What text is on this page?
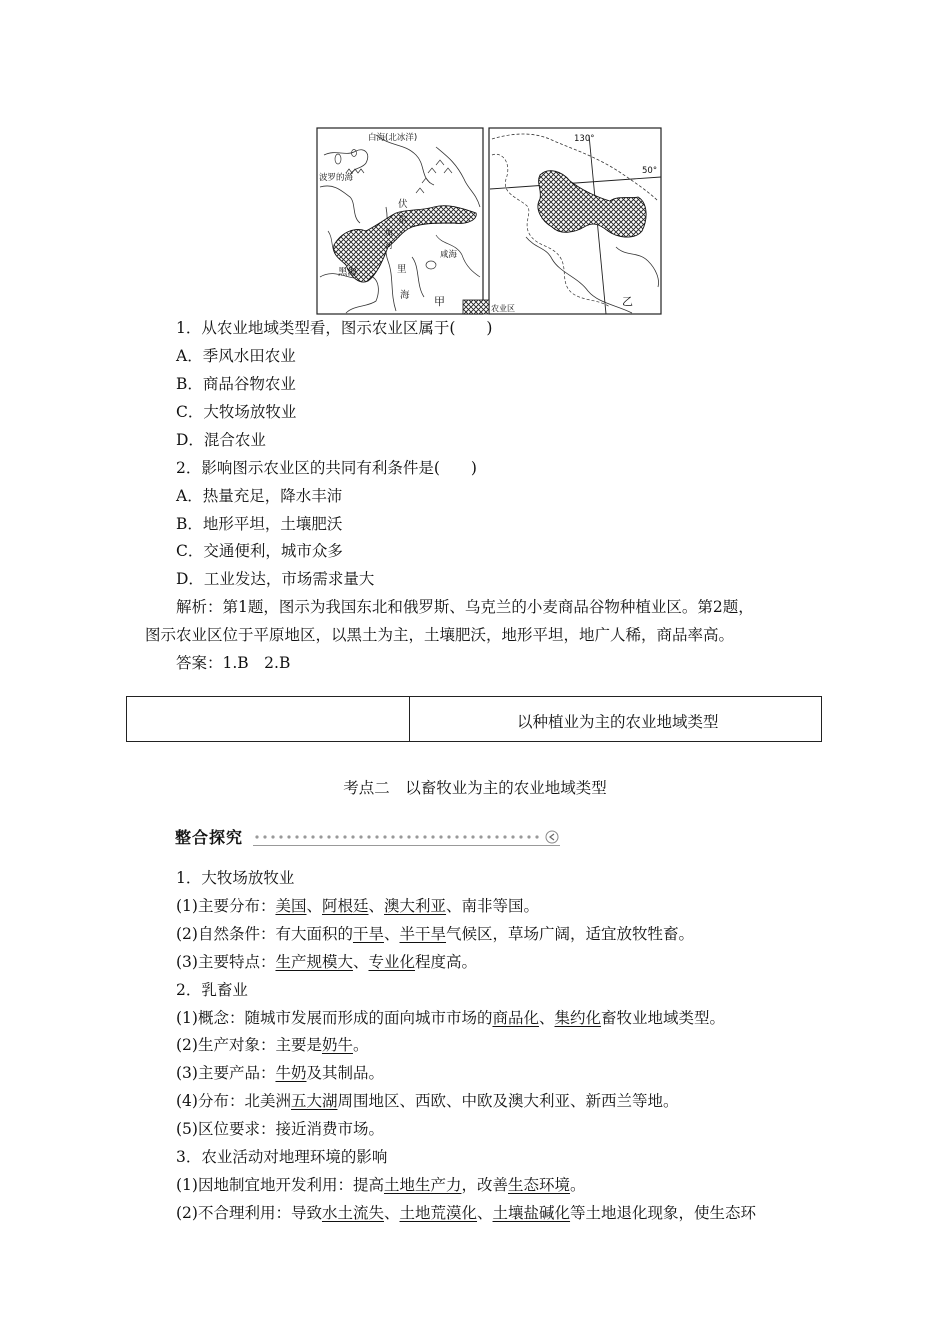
白海(北冰洋)
波罗的海
伏
尔
加
河
黑海	里
海
咸海
甲
130°
50°
乙
农业区
1．从农业地域类型看，图示农业区属于(　　)
A．季风水田农业
B．商品谷物农业
C．大牧场放牧业
D．混合农业
2．影响图示农业区的共同有利条件是(　　)
A．热量充足，降水丰沛
B．地形平坦，土壤肥沃
C．交通便利，城市众多
D．工业发达，市场需求量大
解析：第1题，图示为我国东北和俄罗斯、乌克兰的小麦商品谷物种植业区。第2题，
图示农业区位于平原地区，以黑土为主，土壤肥沃，地形平坦，地广人稀，商品率高。
答案：1.B　2.B
以种植业为主的农业地域类型
考点二　以畜牧业为主的农业地域类型
整合探究
1．大牧场放牧业
(1)主要分布：美国、阿根廷、澳大利亚、南非等国。
(2)自然条件：有大面积的干旱、半干旱气候区，草场广阔，适宜放牧牲畜。
(3)主要特点：生产规模大、专业化程度高。
2．乳畜业
(1)概念：随城市发展而形成的面向城市市场的商品化、集约化畜牧业地域类型。
(2)生产对象：主要是奶牛。
(3)主要产品：牛奶及其制品。
(4)分布：北美洲五大湖周围地区、西欧、中欧及澳大利亚、新西兰等地。
(5)区位要求：接近消费市场。
3．农业活动对地理环境的影响
(1)因地制宜地开发利用：提高土地生产力，改善生态环境。
(2)不合理利用：导致水土流失、土地荒漠化、土壤盐碱化等土地退化现象，使生态环
